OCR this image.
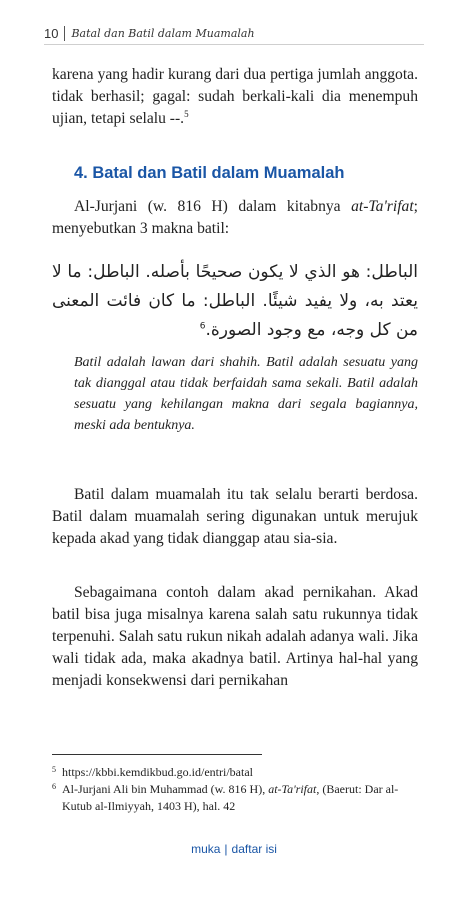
10	Batal dan Batil dalam Muamalah
karena yang hadir kurang dari dua pertiga jumlah anggota. tidak berhasil; gagal: sudah berkali-kali dia menempuh ujian, tetapi selalu --.$^5$
4. Batal dan Batil dalam Muamalah
Al-Jurjani (w. 816 H) dalam kitabnya at-Ta'rifat; menyebutkan 3 makna batil:
الباطل: هو الذي لا يكون صحيحًا بأصله. الباطل: ما لا يعتد به، ولا يفيد شيئًا. الباطل: ما كان فائت المعنى من كل وجه، مع وجود الصورة.$^6$
Batil adalah lawan dari shahih. Batil adalah sesuatu yang tak dianggal atau tidak berfaidah sama sekali. Batil adalah sesuatu yang kehilangan makna dari segala bagiannya, meski ada bentuknya.
Batil dalam muamalah itu tak selalu berarti berdosa. Batil dalam muamalah sering digunakan untuk merujuk kepada akad yang tidak dianggap atau sia-sia.
Sebagaimana contoh dalam akad pernikahan. Akad batil bisa juga misalnya karena salah satu rukunnya tidak terpenuhi. Salah satu rukun nikah adalah adanya wali. Jika wali tidak ada, maka akadnya batil. Artinya hal-hal yang menjadi konsekwensi dari pernikahan
5 https://kbbi.kemdikbud.go.id/entri/batal
6 Al-Jurjani Ali bin Muhammad (w. 816 H), at-Ta'rifat, (Baerut: Dar al-Kutub al-Ilmiyyah, 1403 H), hal. 42
muka | daftar isi
